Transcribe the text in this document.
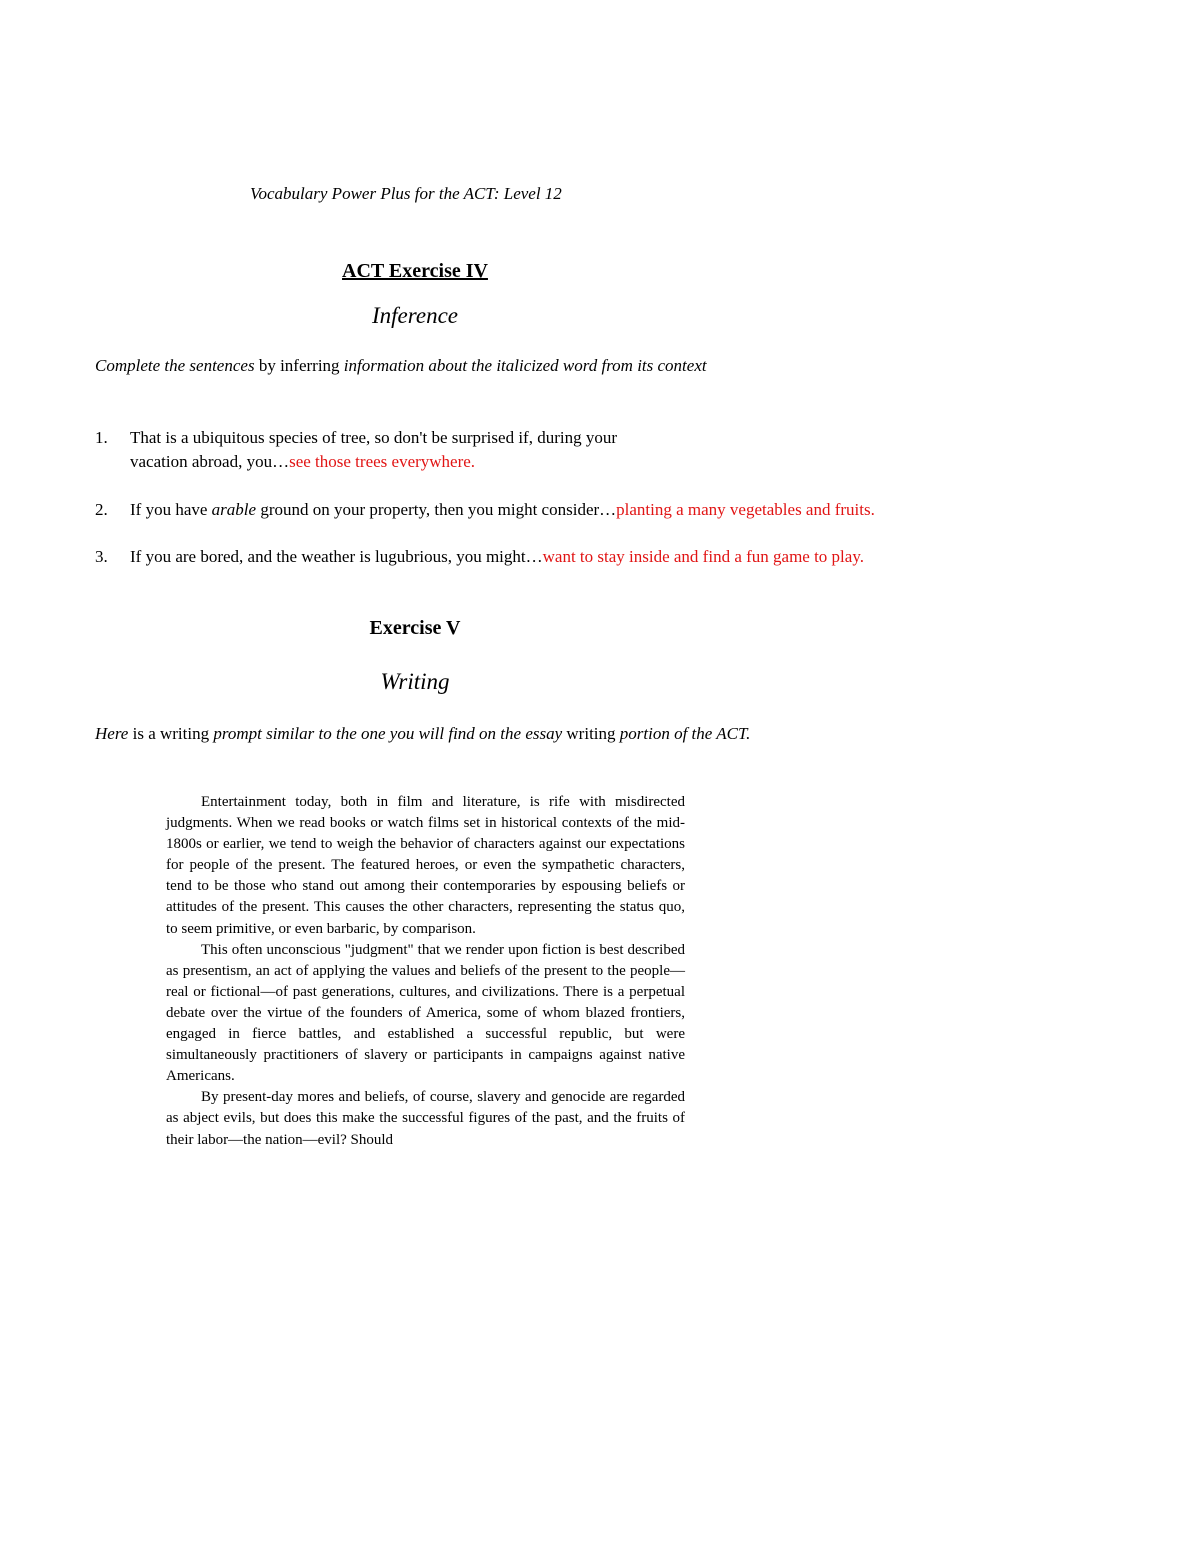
Vocabulary Power Plus for the ACT: Level 12
ACT Exercise IV
Inference
Complete the sentences by inferring information about the italicized word from its context
1. That is a ubiquitous species of tree, so don't be surprised if, during your
vacation abroad, you…see those trees everywhere.
2. If you have arable ground on your property, then you might consider…planting a many vegetables and fruits.
3. If you are bored, and the weather is lugubrious, you might…want to stay inside and find a fun game to play.
Exercise V
Writing
Here is a writing prompt similar to the one you will find on the essay writing portion of the ACT.

Entertainment today, both in film and literature, is rife with misdirected judgments. When we read books or watch films set in historical contexts of the mid-1800s or earlier, we tend to weigh the behavior of characters against our expectations for people of the present. The featured heroes, or even the sympathetic characters, tend to be those who stand out among their contemporaries by espousing beliefs or attitudes of the present. This causes the other characters, representing the status quo, to seem primitive, or even barbaric, by comparison.

This often unconscious "judgment" that we render upon fiction is best described as presentism, an act of applying the values and beliefs of the present to the people—real or fictional—of past generations, cultures, and civilizations. There is a perpetual debate over the virtue of the founders of America, some of whom blazed frontiers, engaged in fierce battles, and established a successful republic, but were simultaneously practitioners of slavery or participants in campaigns against native Americans.

By present-day mores and beliefs, of course, slavery and genocide are regarded as abject evils, but does this make the successful figures of the past, and the fruits of their labor—the nation—evil? Should
